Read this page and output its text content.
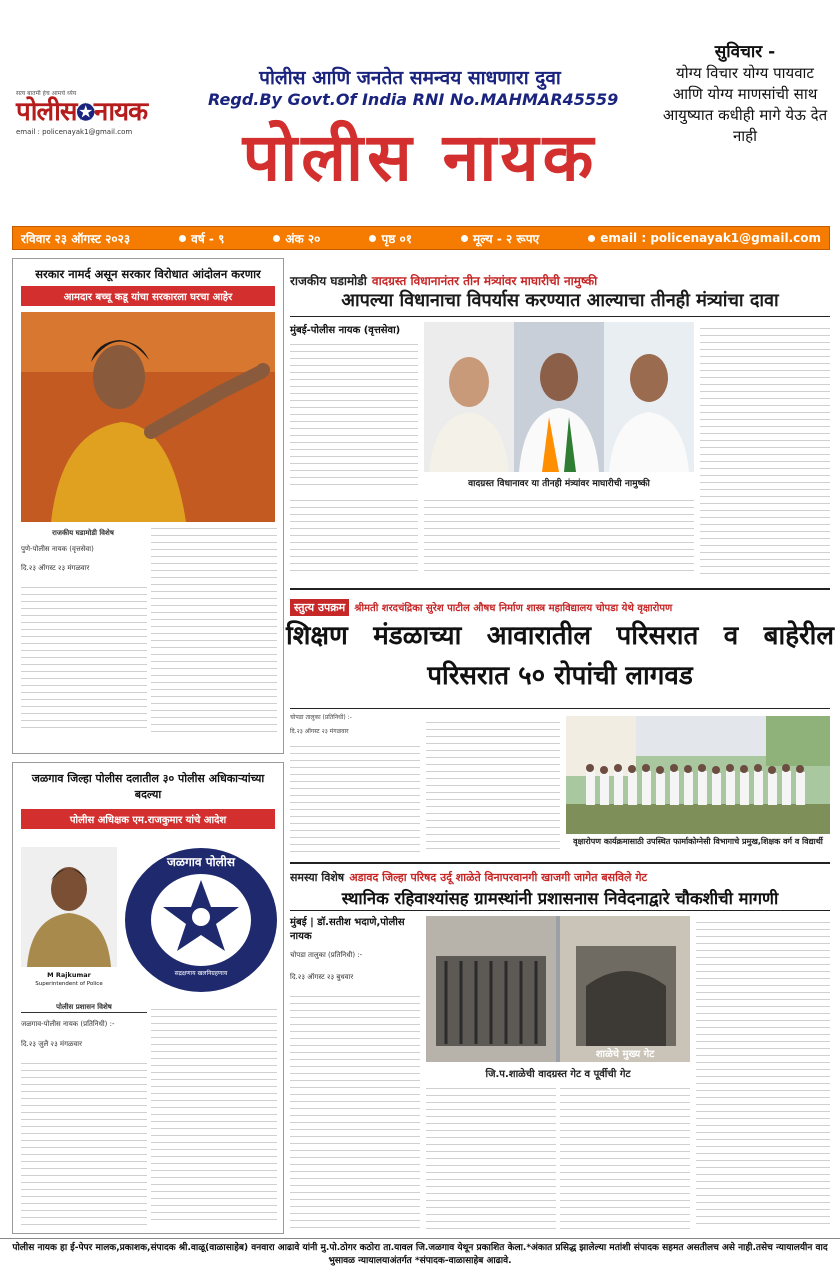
सत्य बातमी हेच आमचे ध्येय
पोलीस✪नायक
email : policenayak1@gmail.com
पोलीस आणि जनतेत समन्वय साधणारा दुवा
Regd.By Govt.Of India RNI No.MAHMAR45559
पोलीस नायक
सुविचार -
योग्य विचार योग्य पायवाट आणि योग्य माणसांची साथ आयुष्यात कधीही मागे येऊ देत नाही
रविवार २३ ऑगस्ट २०२३	वर्ष - ९	अंक २०	पृष्ठ ०१	मूल्य - २ रूपए	email : policenayak1@gmail.com
सरकार नामर्द असून सरकार विरोधात आंदोलन करणार
आमदार बच्चू कडू यांचा सरकारला घरचा आहेर
राजकीय घडामोडी विशेष
पुणे-पोलीस नायक (वृत्तसेवा)
दि.२३ ऑगस्ट २३ मंगळवार
जळगाव जिल्हा पोलीस दलातील ३० पोलीस अधिकाऱ्यांच्या बदल्या
पोलीस अधिक्षक एम.राजकुमार यांचे आदेश
M Rajkumar
Superintendent of Police
जळगाव पोलीस
सद्रक्षणाय खलनिग्रहणाय
पोलीस प्रशासन विशेष
जळगाव-पोलीस नायक (प्रतिनिधी) :-
दि.२३ जुलै २३ मंगळवार
राजकीय घडामोडी वादग्रस्त विधानानंतर तीन मंत्र्यांवर माघारीची नामुष्की
आपल्या विधानाचा विपर्यास करण्यात आल्याचा तीनही मंत्र्यांचा दावा
मुंबई-पोलीस नायक (वृत्तसेवा)
वादग्रस्त विधानावर या तीनही मंत्र्यांवर माघारीची नामुष्की
स्तुत्य उपक्रम श्रीमती शरदचंद्रिका सुरेश पाटील औषध निर्माण शास्त्र महाविद्यालय चोपडा येथे वृक्षारोपण
शिक्षण मंडळाच्या आवारातील परिसरात व बाहेरील परिसरात ५० रोपांची लागवड
चोपडा तालुका (प्रतिनिधी) :-
दि.२३ ऑगस्ट २३ मंगळवार
वृक्षारोपण कार्यक्रमासाठी उपस्थित फार्माकोग्नेसी विभागाचे प्रमुख,शिक्षक वर्ग व विद्यार्थी
समस्या विशेष अडावद जिल्हा परिषद उर्दू शाळेते विनापरवानगी खाजगी जागेत बसविले गेट
स्थानिक रहिवाश्यांसह ग्रामस्थांनी प्रशासनास निवेदनाद्वारे चौकशीची मागणी
मुंबई | डॉ.सतीश भदाणे,पोलीस नायक
चोपडा तालुका (प्रतिनिधी) :-
दि.२३ ऑगस्ट २३ बुधवार
शाळेचे मुख्य गेट
जि.प.शाळेची वादग्रस्त गेट व पूर्वीची गेट
पोलीस नायक हा ई-पेपर मालक,प्रकाशक,संपादक श्री.वाळू(वाळासाहेब) वनवारा आढावे यांनी मु.पो.ठोगर कठोरा ता.यावल जि.जळगाव येथून प्रकाशित केला.*अंकात प्रसिद्ध झालेल्या मतांशी संपादक सहमत असतीलच असे नाही.तसेच न्यायालयीन वाद भुसावळ न्यायालयाअंतर्गत *संपादक-वाळासाहेब आढावे.
